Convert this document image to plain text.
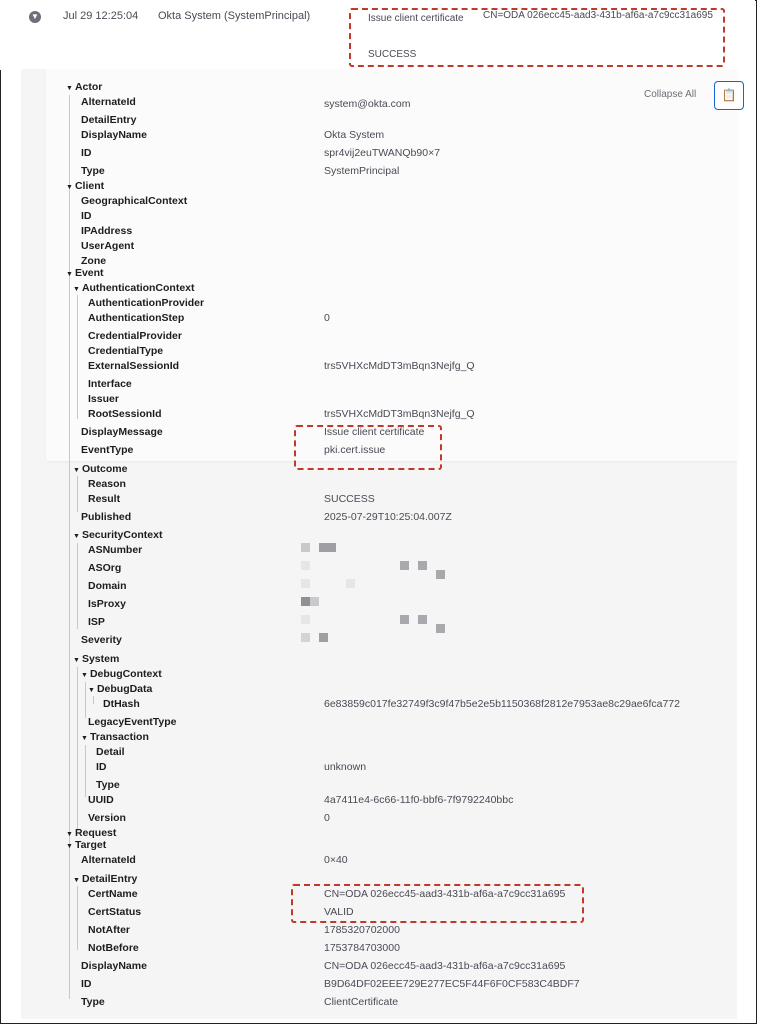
▼ Jul 29 12:25:04 Okta System (SystemPrincipal)	Issue client certificate
SUCCESS
CN=ODA 026ecc45-aad3-431b-af6a-a7c9cc31a695
Collapse All	📋
▼ Actor
AlternateId	system@okta.com
DetailEntry
DisplayName	Okta System
ID	spr4vij2euTWANQb90×7
Type	SystemPrincipal
▼ Client
GeographicalContext
ID
IPAddress
UserAgent
Zone
▼ Event
▼ AuthenticationContext
AuthenticationProvider
AuthenticationStep	0
CredentialProvider
CredentialType
ExternalSessionId	trs5VHXcMdDT3mBqn3Nejfg_Q
Interface
Issuer
RootSessionId	trs5VHXcMdDT3mBqn3Nejfg_Q
DisplayMessage	Issue client certificate
EventType	pki.cert.issue
▼ Outcome
Reason
Result	SUCCESS
Published	2025-07-29T10:25:04.007Z
▼ SecurityContext
ASNumber
ASOrg
Domain
IsProxy
ISP
Severity
▼ System
▼ DebugContext
▼ DebugData
DtHash	6e83859c017fe32749f3c9f47b5e2e5b1150368f2812e7953ae8c29ae6fca772
LegacyEventType
▼ Transaction
Detail
ID	unknown
Type
UUID	4a7411e4-6c66-11f0-bbf6-7f9792240bbc
Version	0
▼ Request
▼ Target
AlternateId	0×40
▼ DetailEntry
CertName	CN=ODA 026ecc45-aad3-431b-af6a-a7c9cc31a695
CertStatus	VALID
NotAfter	1785320702000
NotBefore	1753784703000
DisplayName	CN=ODA 026ecc45-aad3-431b-af6a-a7c9cc31a695
ID	B9D64DF02EEE729E277EC5F44F6F0CF583C4BDF7
Type	ClientCertificate
